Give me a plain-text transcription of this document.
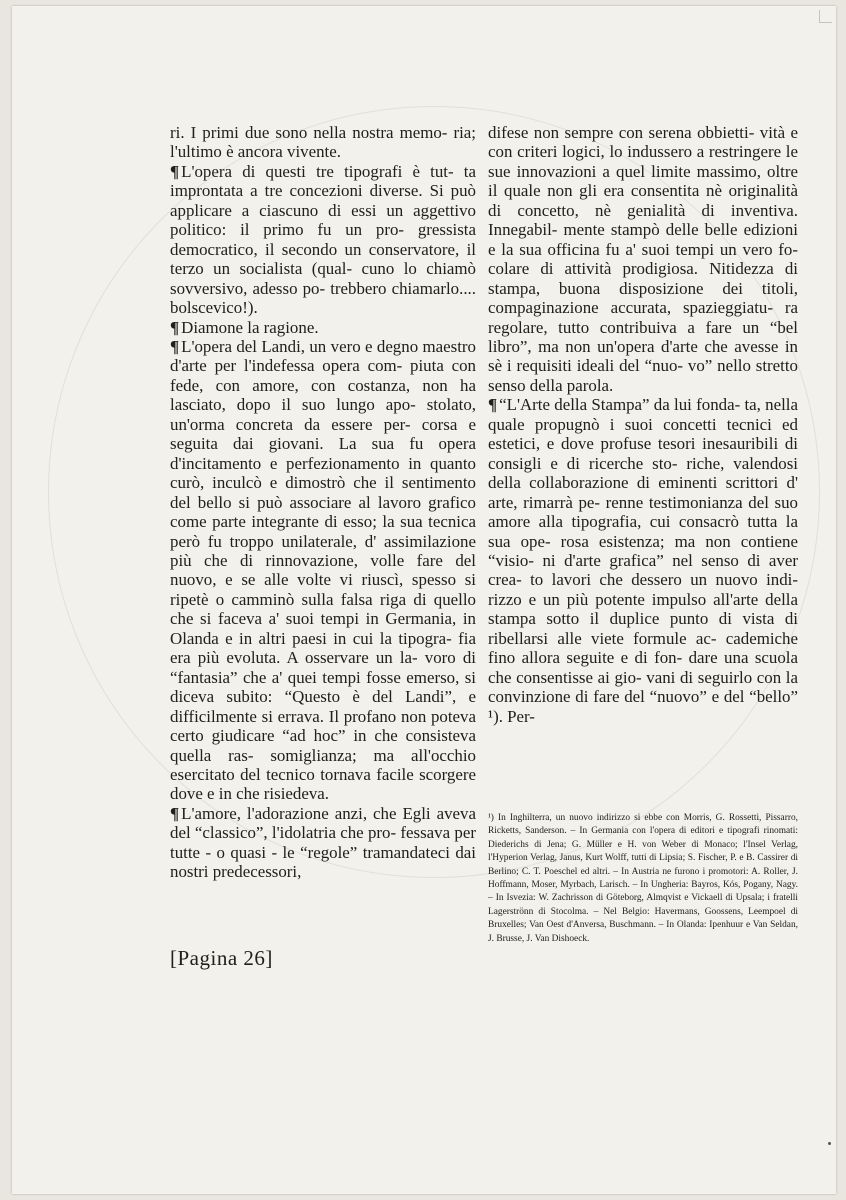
ri. I primi due sono nella nostra memo- ria; l'ultimo è ancora vivente.

¶ L'opera di questi tre tipografi è tut- ta improntata a tre concezioni diverse. Si può applicare a ciascuno di essi un aggettivo politico: il primo fu un pro- gressista democratico, il secondo un conservatore, il terzo un socialista (qual- cuno lo chiamò sovversivo, adesso po- trebbero chiamarlo.... bolscevico!).

¶ Diamone la ragione.

¶ L'opera del Landi, un vero e degno maestro d'arte per l'indefessa opera com- piuta con fede, con amore, con costanza, non ha lasciato, dopo il suo lungo apo- stolato, un'orma concreta da essere per- corsa e seguita dai giovani. La sua fu opera d'incitamento e perfezionamento in quanto curò, inculcò e dimostrò che il sentimento del bello si può associare al lavoro grafico come parte integrante di esso; la sua tecnica però fu troppo unilaterale, d' assimilazione più che di rinnovazione, volle fare del nuovo, e se alle volte vi riuscì, spesso si ripetè o camminò sulla falsa riga di quello che si faceva a' suoi tempi in Germania, in Olanda e in altri paesi in cui la tipogra- fia era più evoluta. A osservare un la- voro di “fantasia” che a' quei tempi fosse emerso, si diceva subito: “Questo è del Landi”, e difficilmente si errava. Il profano non poteva certo giudicare “ad hoc” in che consisteva quella ras- somiglianza; ma all'occhio esercitato del tecnico tornava facile scorgere dove e in che risiedeva.

¶ L'amore, l'adorazione anzi, che Egli aveva del “classico”, l'idolatria che pro- fessava per tutte - o quasi - le “regole” tramandateci dai nostri predecessori,

difese non sempre con serena obbietti- vità e con criteri logici, lo indussero a restringere le sue innovazioni a quel limite massimo, oltre il quale non gli era consentita nè originalità di concetto, nè genialità di inventiva. Innegabil- mente stampò delle belle edizioni e la sua officina fu a' suoi tempi un vero fo- colare di attività prodigiosa. Nitidezza di stampa, buona disposizione dei titoli, compaginazione accurata, spazieggiatu- ra regolare, tutto contribuiva a fare un “bel libro”, ma non un'opera d'arte che avesse in sè i requisiti ideali del “nuo- vo” nello stretto senso della parola.

¶ “L'Arte della Stampa” da lui fonda- ta, nella quale propugnò i suoi concetti tecnici ed estetici, e dove profuse tesori inesauribili di consigli e di ricerche sto- riche, valendosi della collaborazione di eminenti scrittori d' arte, rimarrà pe- renne testimonianza del suo amore alla tipografia, cui consacrò tutta la sua ope- rosa esistenza; ma non contiene “visio- ni d'arte grafica” nel senso di aver crea- to lavori che dessero un nuovo indi- rizzo e un più potente impulso all'arte della stampa sotto il duplice punto di vista di ribellarsi alle viete formule ac- cademiche fino allora seguite e di fon- dare una scuola che consentisse ai gio- vani di seguirlo con la convinzione di fare del “nuovo” e del “bello” ¹). Per-

¹) In Inghilterra, un nuovo indirizzo si ebbe con Morris, G. Rossetti, Pissarro, Ricketts, Sanderson. – In Germania con l'opera di editori e tipografi rinomati: Diederichs di Jena; G. Müller e H. von Weber di Monaco; l'Insel Verlag, l'Hyperion Verlag, Janus, Kurt Wolff, tutti di Lipsia; S. Fischer, P. e B. Cassirer di Berlino; C. T. Poeschel ed altri. – In Austria ne furono i promotori: A. Roller, J. Hoffmann, Moser, Myrbach, Larisch. – In Ungheria: Bayros, Kós, Pogany, Nagy. – In Isvezia: W. Zachrisson di Göteborg, Almqvist e Vickaell di Upsala; i fratelli Lagerströnn di Stocolma. – Nel Belgio: Havermans, Goossens, Leempoel di Bruxelles; Van Oest d'Anversa, Buschmann. – In Olanda: Ipenhuur e Van Seldan, J. Brusse, J. Van Dishoeck.
[Pagina 26]
